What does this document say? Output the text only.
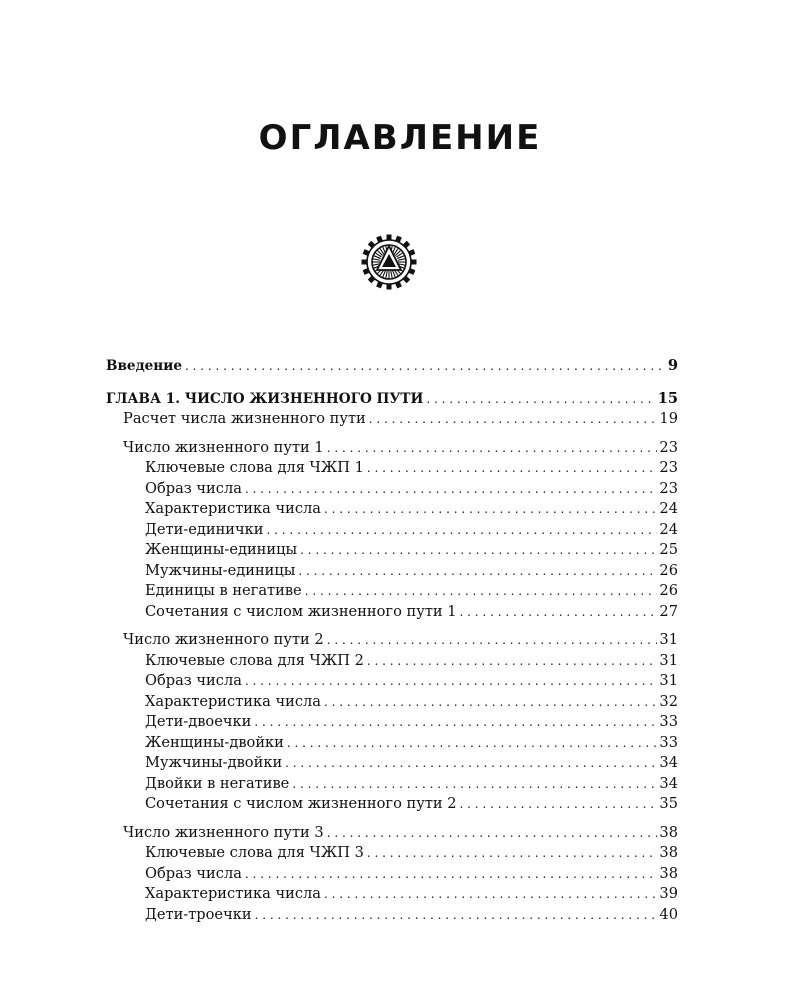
ОГЛАВЛЕНИЕ
Введение . . .	9
ГЛАВА 1. ЧИСЛО ЖИЗНЕННОГО ПУТИ . . .	15
Расчет числа жизненного пути . . .	19
Число жизненного пути 1 . . .	23
Ключевые слова для ЧЖП 1 . . .	23
Образ числа . . .	23
Характеристика числа . . .	24
Дети-единички . . .	24
Женщины-единицы . . .	25
Мужчины-единицы . . .	26
Единицы в негативе . . .	26
Сочетания с числом жизненного пути 1 . . .	27
Число жизненного пути 2 . . .	31
Ключевые слова для ЧЖП 2 . . .	31
Образ числа . . .	31
Характеристика числа . . .	32
Дети-двоечки . . .	33
Женщины-двойки . . .	33
Мужчины-двойки . . .	34
Двойки в негативе . . .	34
Сочетания с числом жизненного пути 2 . . .	35
Число жизненного пути 3 . . .	38
Ключевые слова для ЧЖП 3 . . .	38
Образ числа . . .	38
Характеристика числа . . .	39
Дети-троечки . . .	40
